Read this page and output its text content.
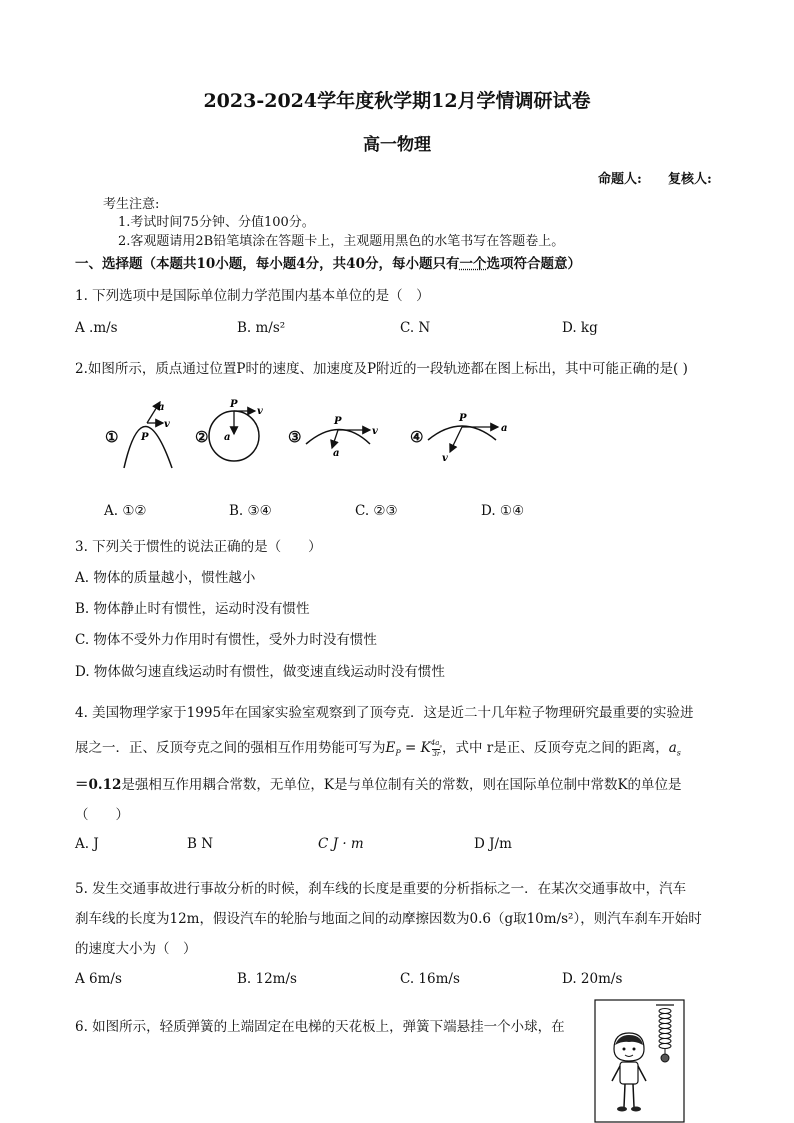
2023-2024学年度秋学期12月学情调研试卷
高一物理
命题人: 复核人:
考生注意:
1.考试时间75分钟、分值100分。
2.客观题请用2B铅笔填涂在答题卡上，主观题用黑色的水笔书写在答题卷上。
一、选择题（本题共10小题，每小题4分，共40分，每小题只有一个选项符合题意）
1. 下列选项中是国际单位制力学范围内基本单位的是（　）
A .m/s	B. m/s²	C. N	D. kg
2.如图所示，质点通过位置P时的速度、加速度及P附近的一段轨迹都在图上标出，其中可能正确的是( )
①	②	③	④
a
v
P
P
v
a
P
v
a
P
a
v
A. ①②	B. ③④	C. ②③	D. ①④
3. 下列关于惯性的说法正确的是（　　）
A. 物体的质量越小，惯性越小
B. 物体静止时有惯性，运动时没有惯性
C. 物体不受外力作用时有惯性，受外力时没有惯性
D. 物体做匀速直线运动时有惯性，做变速直线运动时没有惯性
4. 美国物理学家于1995年在国家实验室观察到了顶夸克．这是近二十几年粒子物理研究最重要的实验进
展之一．正、反顶夸克之间的强相互作用势能可写为$E_P = K\frac{4a_s}{3r}$，式中 r是正、反顶夸克之间的距离，$a_s$
＝0.12是强相互作用耦合常数，无单位，K是与单位制有关的常数，则在国际单位制中常数K的单位是
（　　）
A. J	B N	C J · m	D J/m
5. 发生交通事故进行事故分析的时候，刹车线的长度是重要的分析指标之一．在某次交通事故中，汽车
刹车线的长度为12m，假设汽车的轮胎与地面之间的动摩擦因数为0.6（g取10m/s²），则汽车刹车开始时
的速度大小为（　）
A 6m/s	B. 12m/s	C. 16m/s	D. 20m/s
6. 如图所示，轻质弹簧的上端固定在电梯的天花板上，弹簧下端悬挂一个小球，在
